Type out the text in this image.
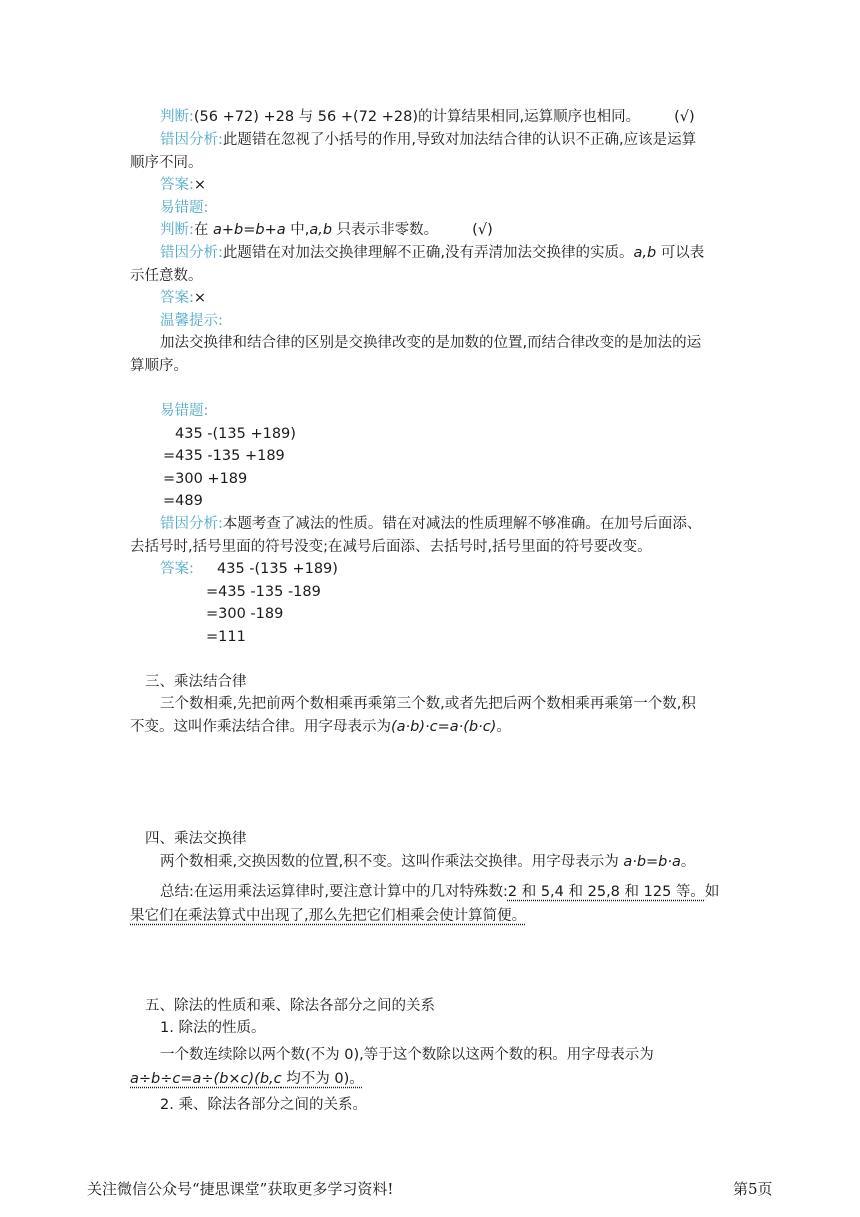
判断:(56 +72) +28 与 56 +(72 +28)的计算结果相同,运算顺序也相同。 (√)
错因分析:此题错在忽视了小括号的作用,导致对加法结合律的认识不正确,应该是运算
顺序不同。
答案:×
易错题:
判断:在 a+b=b+a 中,a,b 只表示非零数。 (√)
错因分析:此题错在对加法交换律理解不正确,没有弄清加法交换律的实质。a,b 可以表
示任意数。
答案:×
温馨提示:
加法交换律和结合律的区别是交换律改变的是加数的位置,而结合律改变的是加法的运
算顺序。
易错题:
435 -(135 +189)
=435 -135 +189
=300 +189
=489
错因分析:本题考查了减法的性质。错在对减法的性质理解不够准确。在加号后面添、
去括号时,括号里面的符号没变;在减号后面添、去括号时,括号里面的符号要改变。
答案: 435 -(135 +189)
=435 -135 -189
=300 -189
=111
三、乘法结合律
三个数相乘,先把前两个数相乘再乘第三个数,或者先把后两个数相乘再乘第一个数,积
不变。这叫作乘法结合律。用字母表示为(a·b)·c=a·(b·c)。
四、乘法交换律
两个数相乘,交换因数的位置,积不变。这叫作乘法交换律。用字母表示为 a·b=b·a。
总结:在运用乘法运算律时,要注意计算中的几对特殊数:2 和 5,4 和 25,8 和 125 等。如
果它们在乘法算式中出现了,那么先把它们相乘会使计算简便。
五、除法的性质和乘、除法各部分之间的关系
1. 除法的性质。
一个数连续除以两个数(不为 0),等于这个数除以这两个数的积。用字母表示为
a÷b÷c=a÷(b×c)(b,c 均不为 0)。
2. 乘、除法各部分之间的关系。
关注微信公众号“捷思课堂”获取更多学习资料!	第5页
